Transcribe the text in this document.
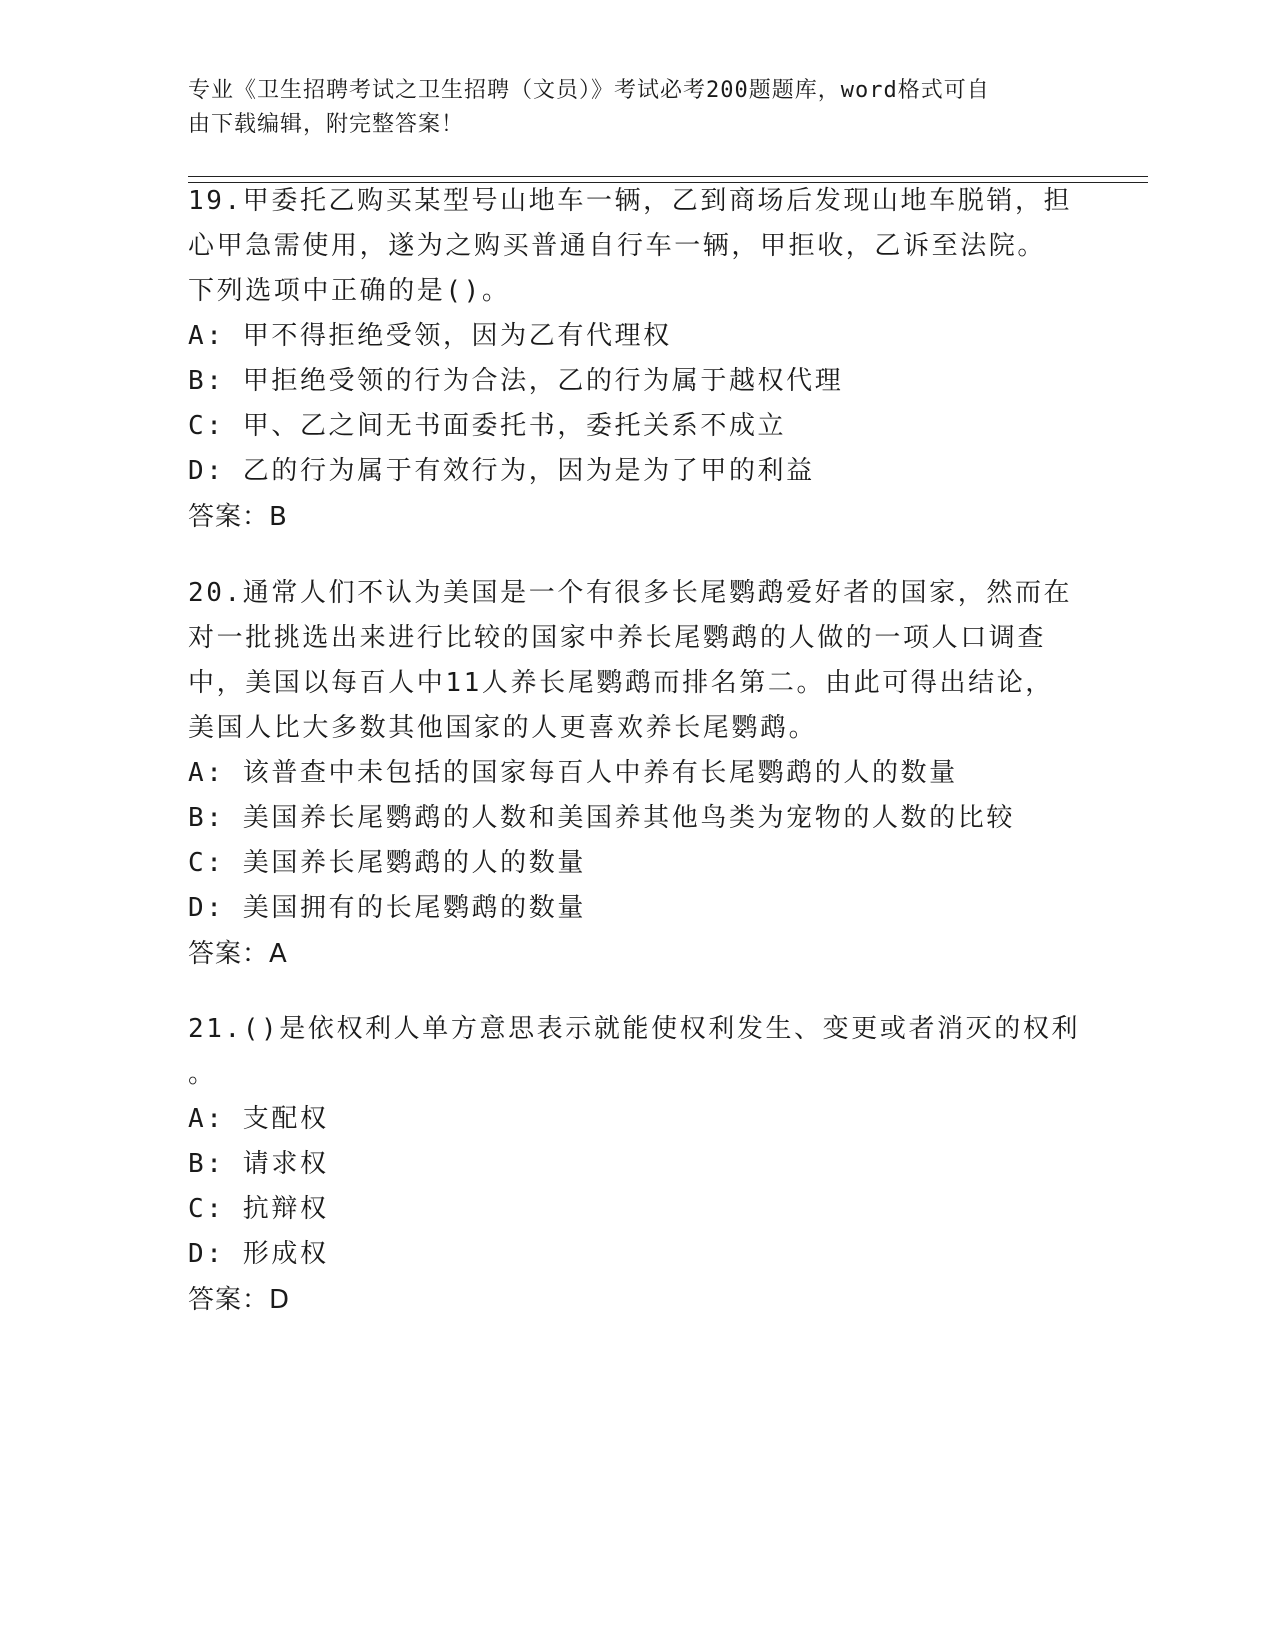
专业《卫生招聘考试之卫生招聘（文员）》考试必考200题题库，word格式可自
由下载编辑，附完整答案！
19.甲委托乙购买某型号山地车一辆，乙到商场后发现山地车脱销，担
心甲急需使用，遂为之购买普通自行车一辆，甲拒收，乙诉至法院。
下列选项中正确的是()。
A: 甲不得拒绝受领，因为乙有代理权
B: 甲拒绝受领的行为合法，乙的行为属于越权代理
C: 甲、乙之间无书面委托书，委托关系不成立
D: 乙的行为属于有效行为，因为是为了甲的利益
答案：B
20.通常人们不认为美国是一个有很多长尾鹦鹉爱好者的国家，然而在
对一批挑选出来进行比较的国家中养长尾鹦鹉的人做的一项人口调查
中，美国以每百人中11人养长尾鹦鹉而排名第二。由此可得出结论，
美国人比大多数其他国家的人更喜欢养长尾鹦鹉。
A: 该普查中未包括的国家每百人中养有长尾鹦鹉的人的数量
B: 美国养长尾鹦鹉的人数和美国养其他鸟类为宠物的人数的比较
C: 美国养长尾鹦鹉的人的数量
D: 美国拥有的长尾鹦鹉的数量
答案：A
21.()是依权利人单方意思表示就能使权利发生、变更或者消灭的权利
。
A: 支配权
B: 请求权
C: 抗辩权
D: 形成权
答案：D
